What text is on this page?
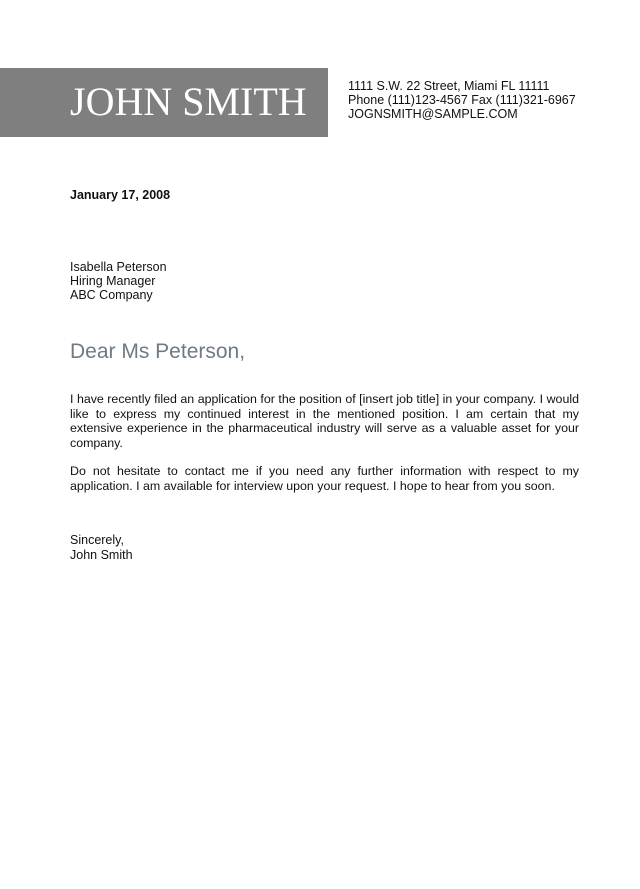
JOHN SMITH	1111 S.W. 22 Street, Miami FL 11111
Phone (111)123-4567 Fax (111)321-6967
JOGNSMITH@SAMPLE.COM
January 17, 2008
Isabella Peterson
Hiring Manager
ABC Company
Dear Ms Peterson,

I have recently filed an application for the position of [insert job title] in your company. I would like to express my continued interest in the mentioned position. I am certain that my extensive experience in the pharmaceutical industry will serve as a valuable asset for your company.

Do not hesitate to contact me if you need any further information with respect to my application. I am available for interview upon your request. I hope to hear from you soon.

Sincerely,
John Smith
